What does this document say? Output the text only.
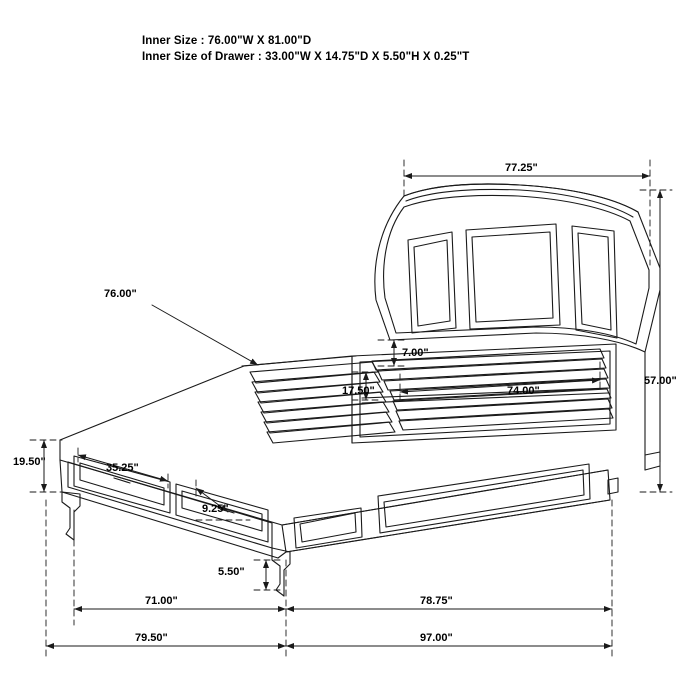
Inner Size : 76.00"W X 81.00"D
Inner Size of Drawer : 33.00"W X 14.75"D X 5.50"H X 0.25"T
77.25"
76.00"
57.00"
7.00"
74.00"
17.50"
19.50"	35.25"
9.25"
5.50"
71.00"	78.75"
79.50"	97.00"
